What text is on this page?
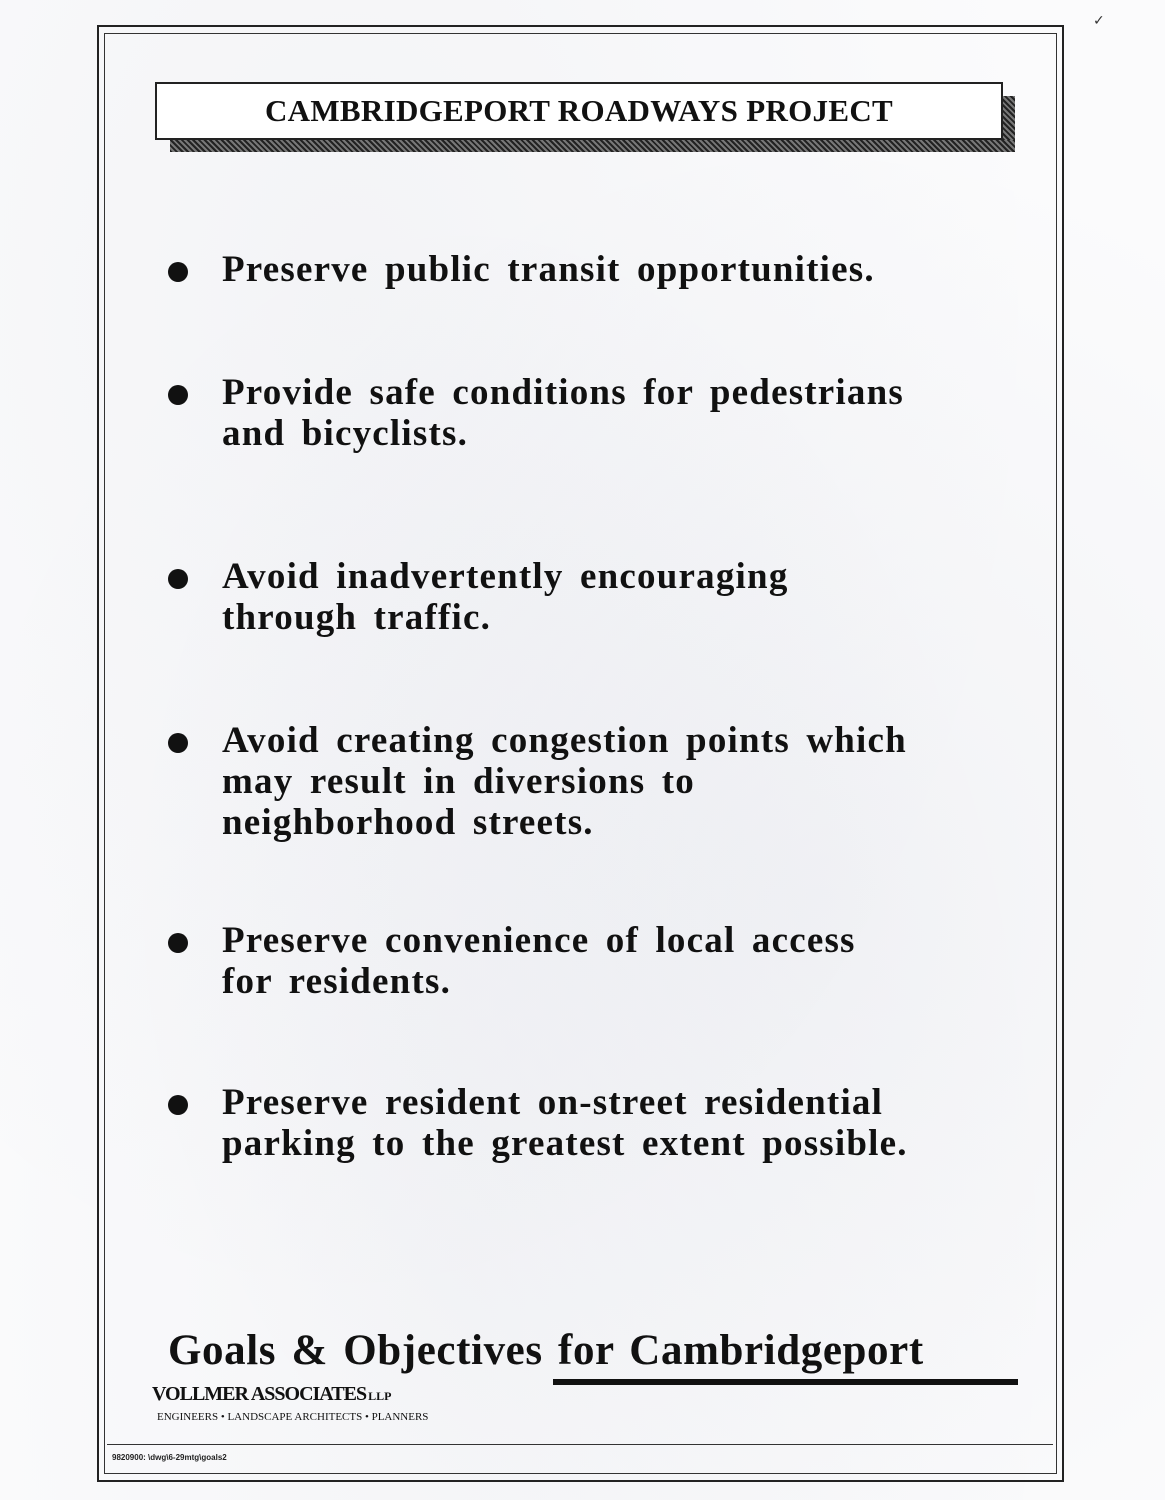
✓
CAMBRIDGEPORT ROADWAYS PROJECT
Preserve public transit opportunities.
Provide safe conditions for pedestrians
and bicyclists.
Avoid inadvertently encouraging
through traffic.
Avoid creating congestion points which
may result in diversions to
neighborhood streets.
Preserve convenience of local access
for residents.
Preserve resident on-street residential
parking to the greatest extent possible.
Goals & Objectives for Cambridgeport
VOLLMER ASSOCIATES LLP
ENGINEERS • LANDSCAPE ARCHITECTS • PLANNERS
9820900: \dwg\6-29mtg\goals2
